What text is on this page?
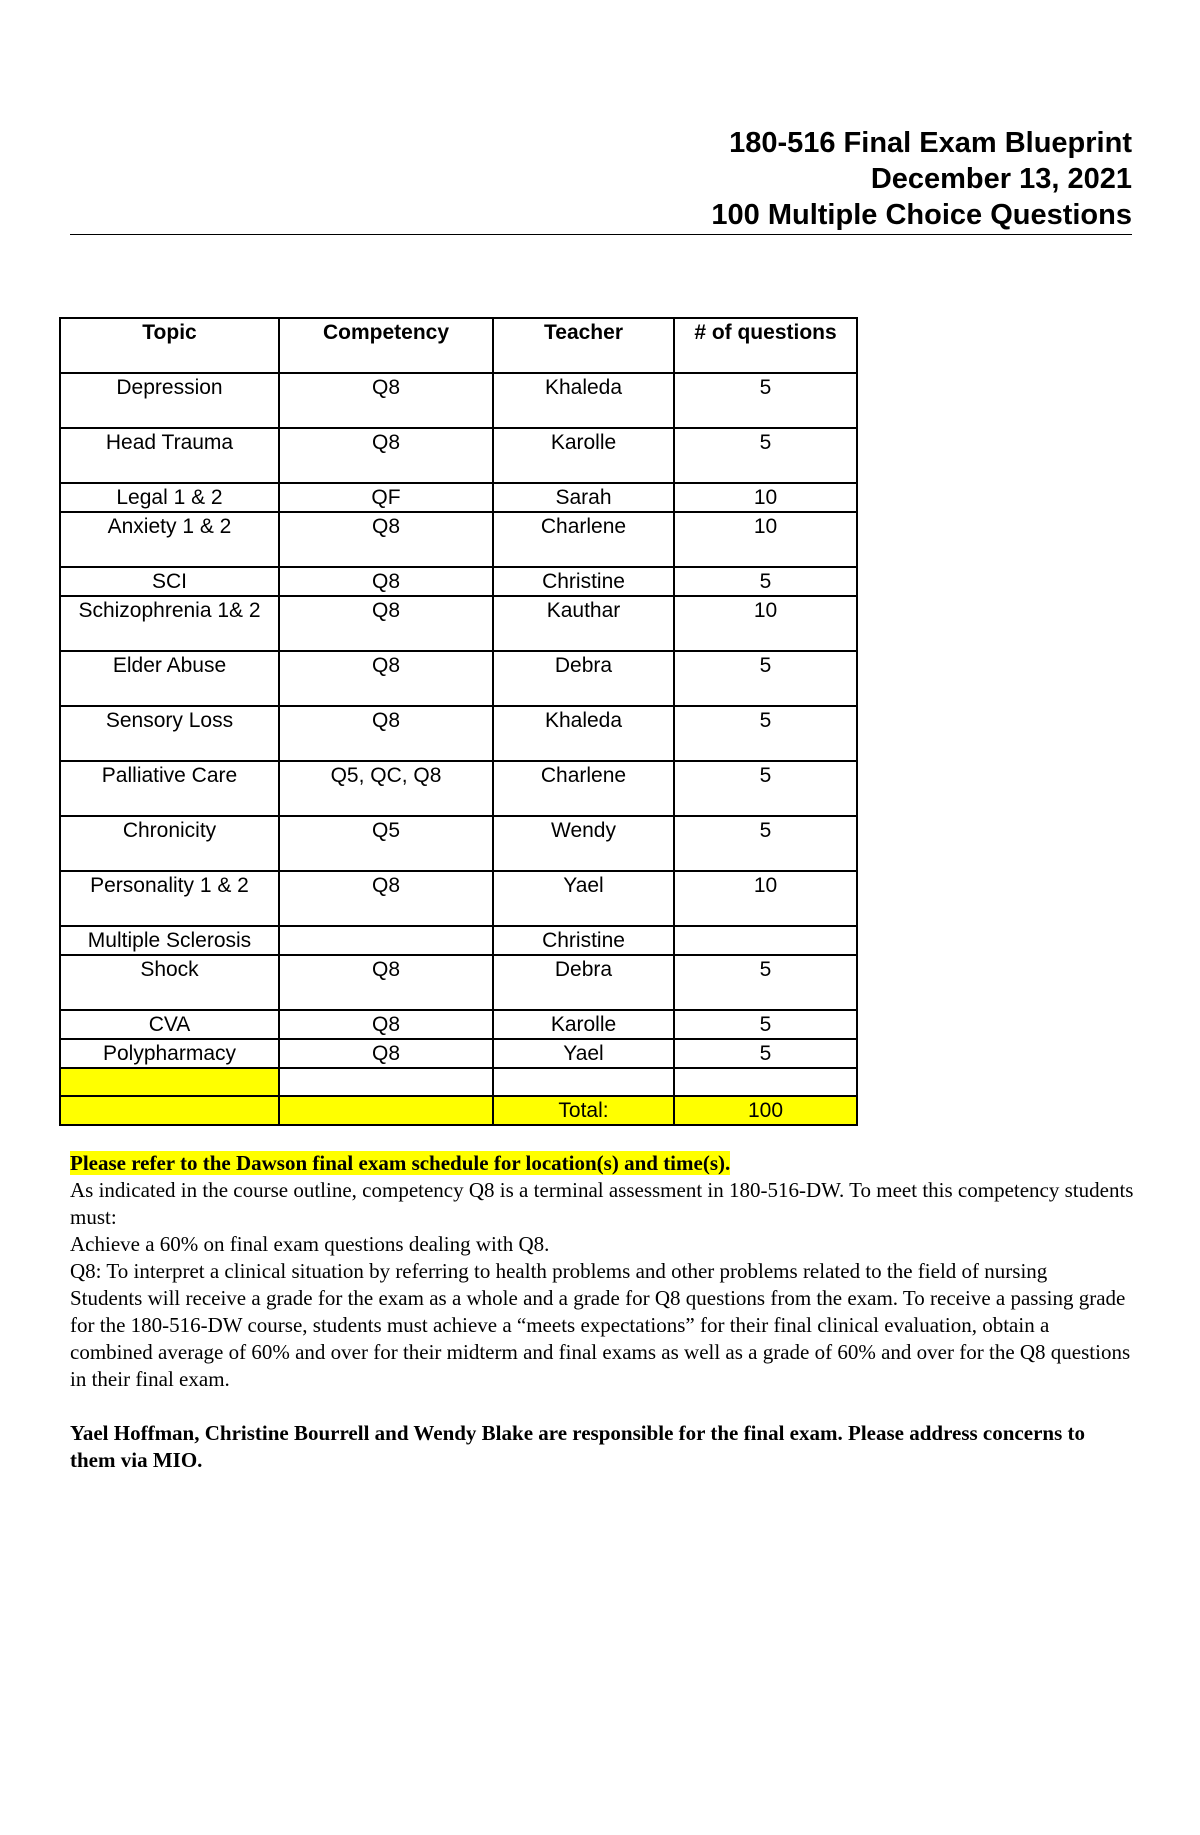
180-516 Final Exam Blueprint
December 13, 2021
100 Multiple Choice Questions
Topic	Competency	Teacher	# of questions
Depression	Q8	Khaleda	5
Head Trauma	Q8	Karolle	5
Legal 1 & 2	QF	Sarah	10
Anxiety 1 & 2	Q8	Charlene	10
SCI	Q8	Christine	5
Schizophrenia 1& 2	Q8	Kauthar	10
Elder Abuse	Q8	Debra	5
Sensory Loss	Q8	Khaleda	5
Palliative Care	Q5, QC, Q8	Charlene	5
Chronicity	Q5	Wendy	5
Personality 1 & 2	Q8	Yael	10
Multiple Sclerosis		Christine	
Shock	Q8	Debra	5
CVA	Q8	Karolle	5
Polypharmacy	Q8	Yael	5

		Total:	100

Please refer to the Dawson final exam schedule for location(s) and time(s).

As indicated in the course outline, competency Q8 is a terminal assessment in 180-516-DW. To meet this competency students must:

Achieve a 60% on final exam questions dealing with Q8.

Q8: To interpret a clinical situation by referring to health problems and other problems related to the field of nursing

Students will receive a grade for the exam as a whole and a grade for Q8 questions from the exam. To receive a passing grade for the 180-516-DW course, students must achieve a “meets expectations” for their final clinical evaluation, obtain a combined average of 60% and over for their midterm and final exams as well as a grade of 60% and over for the Q8 questions in their final exam.

Yael Hoffman, Christine Bourrell and Wendy Blake are responsible for the final exam. Please address concerns to them via MIO.
